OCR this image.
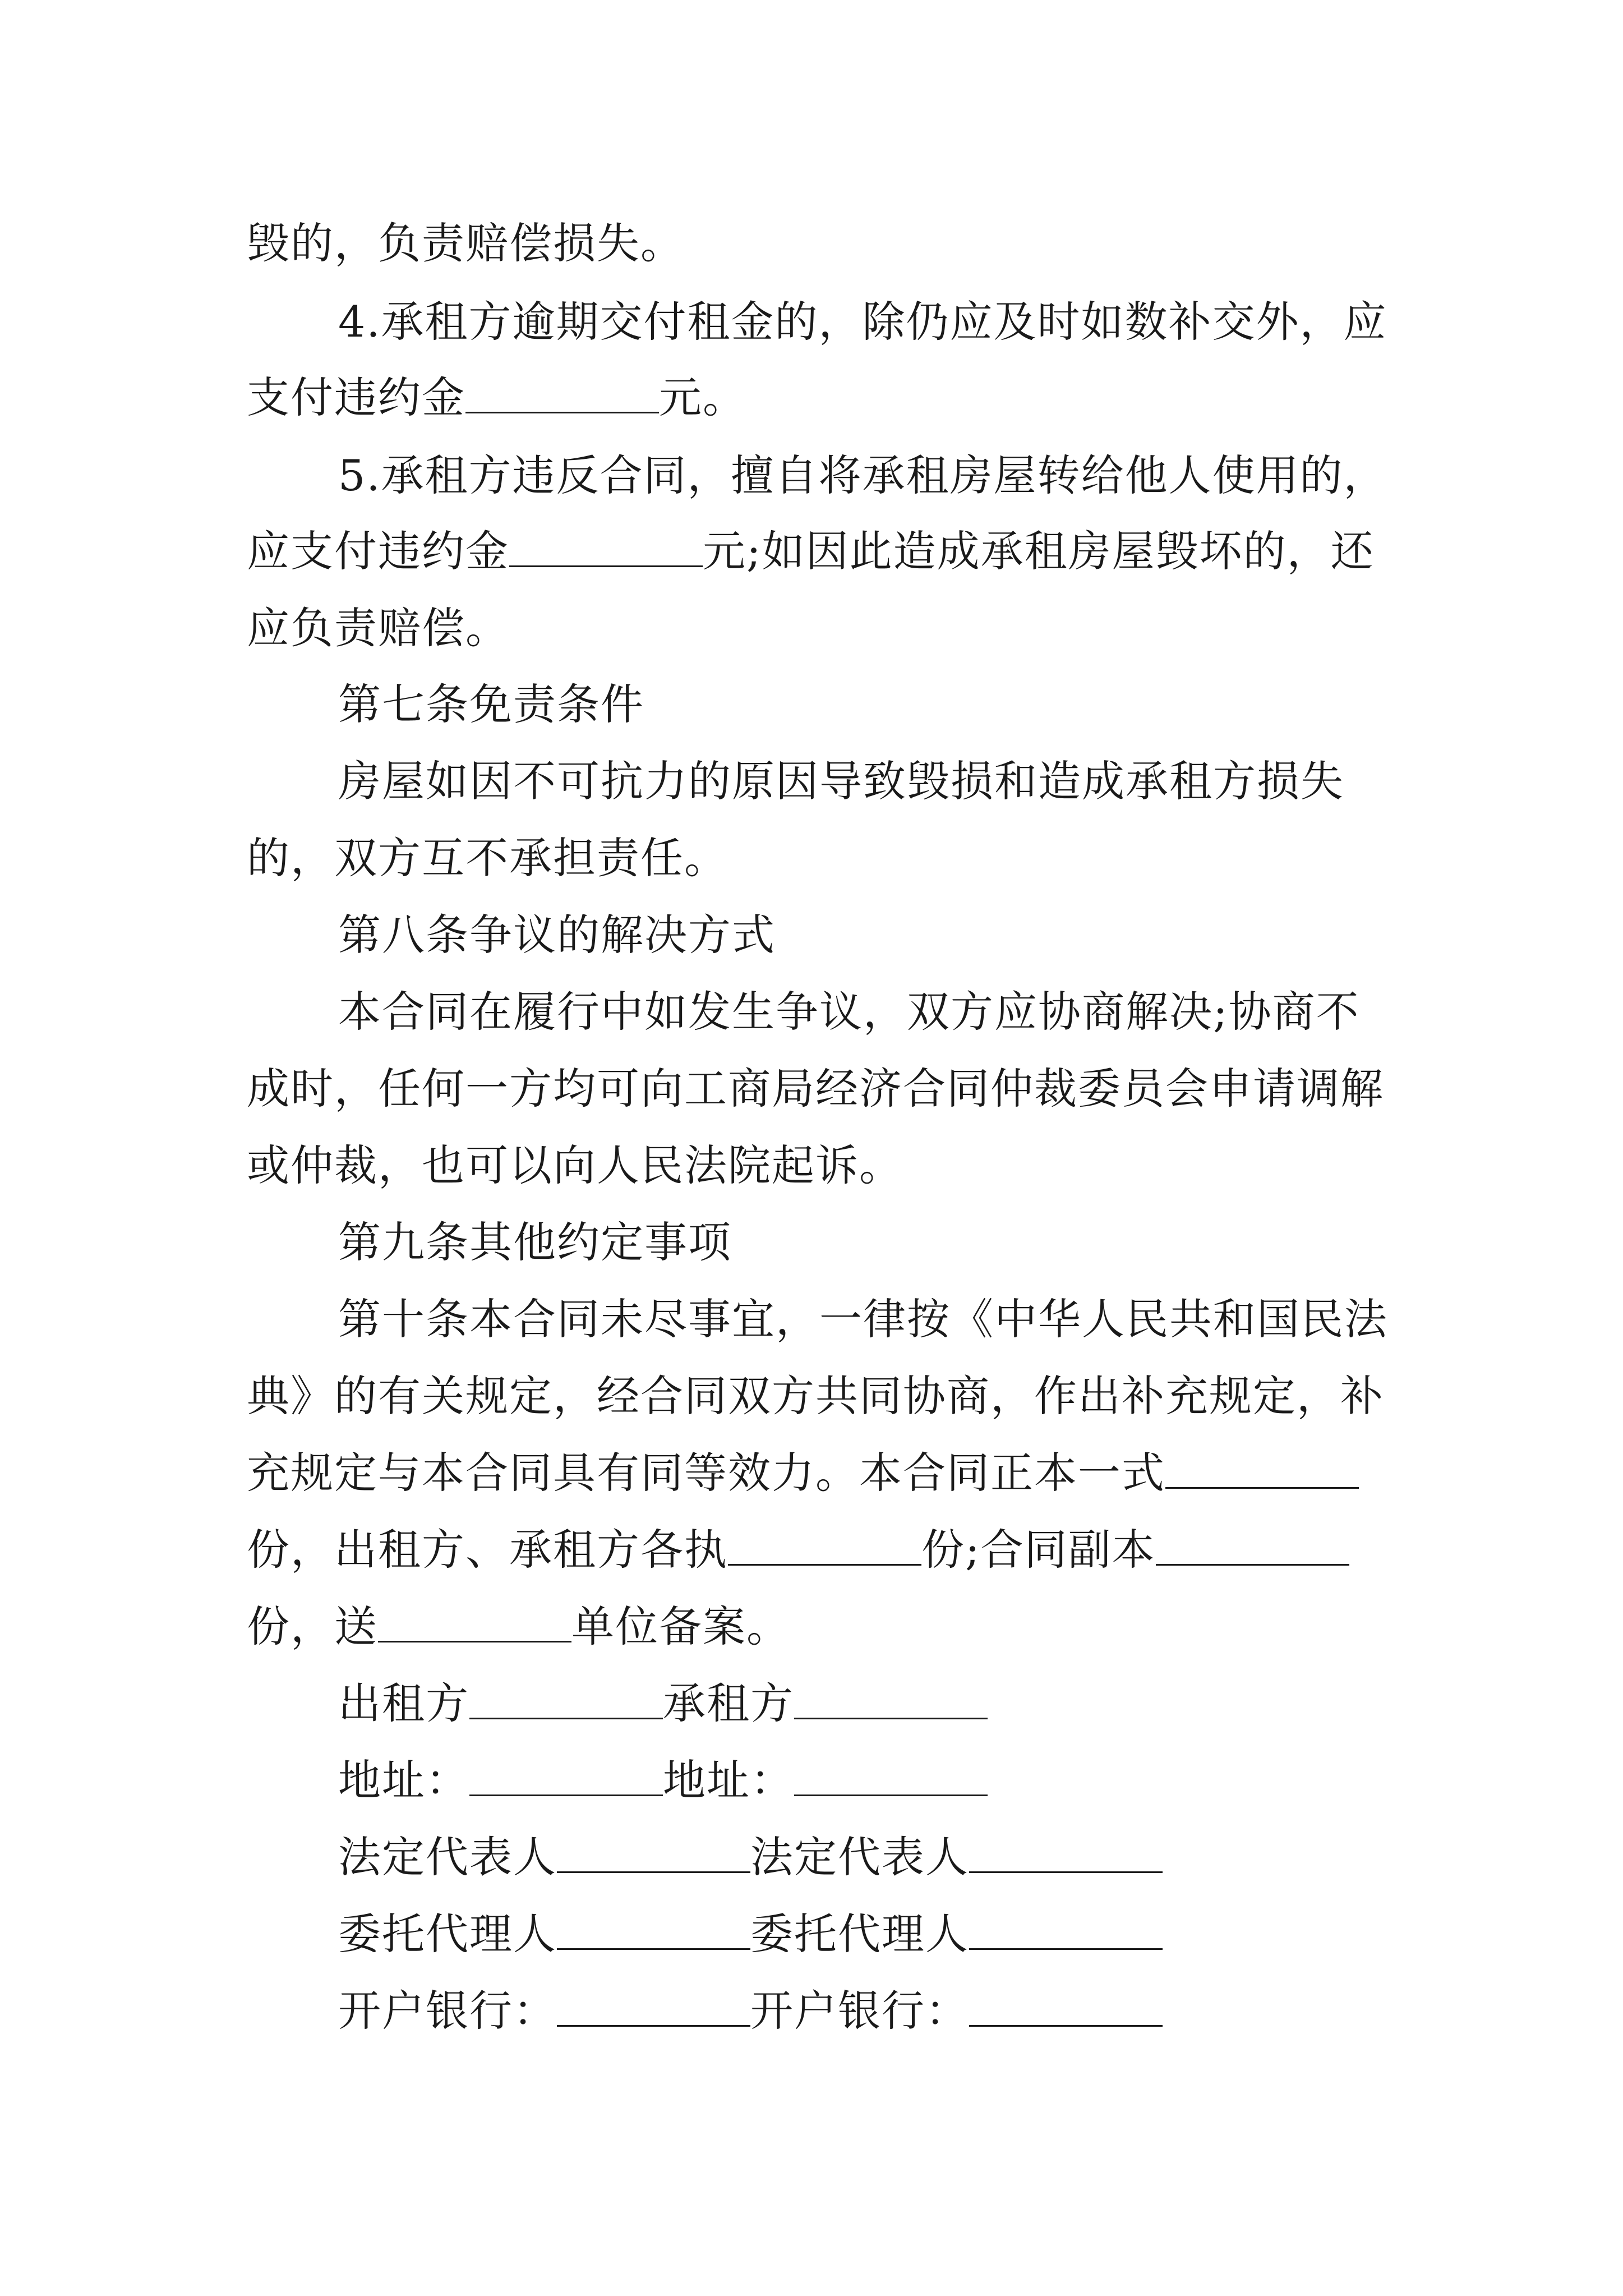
毁的，负责赔偿损失。
4.承租方逾期交付租金的，除仍应及时如数补交外，应
支付违约金	元。
5.承租方违反合同，擅自将承租房屋转给他人使用的，
应支付违约金	元;如因此造成承租房屋毁坏的，还
应负责赔偿。
第七条免责条件
房屋如因不可抗力的原因导致毁损和造成承租方损失
的，双方互不承担责任。
第八条争议的解决方式
本合同在履行中如发生争议，双方应协商解决;协商不
成时，任何一方均可向工商局经济合同仲裁委员会申请调解
或仲裁，也可以向人民法院起诉。
第九条其他约定事项
第十条本合同未尽事宜，一律按《中华人民共和国民法
典》的有关规定，经合同双方共同协商，作出补充规定，补
充规定与本合同具有同等效力。本合同正本一式
份，出租方、承租方各执	份;合同副本
份，送	单位备案。
出租方	承租方
地址：	地址：
法定代表人	法定代表人
委托代理人	委托代理人
开户银行：	开户银行：
